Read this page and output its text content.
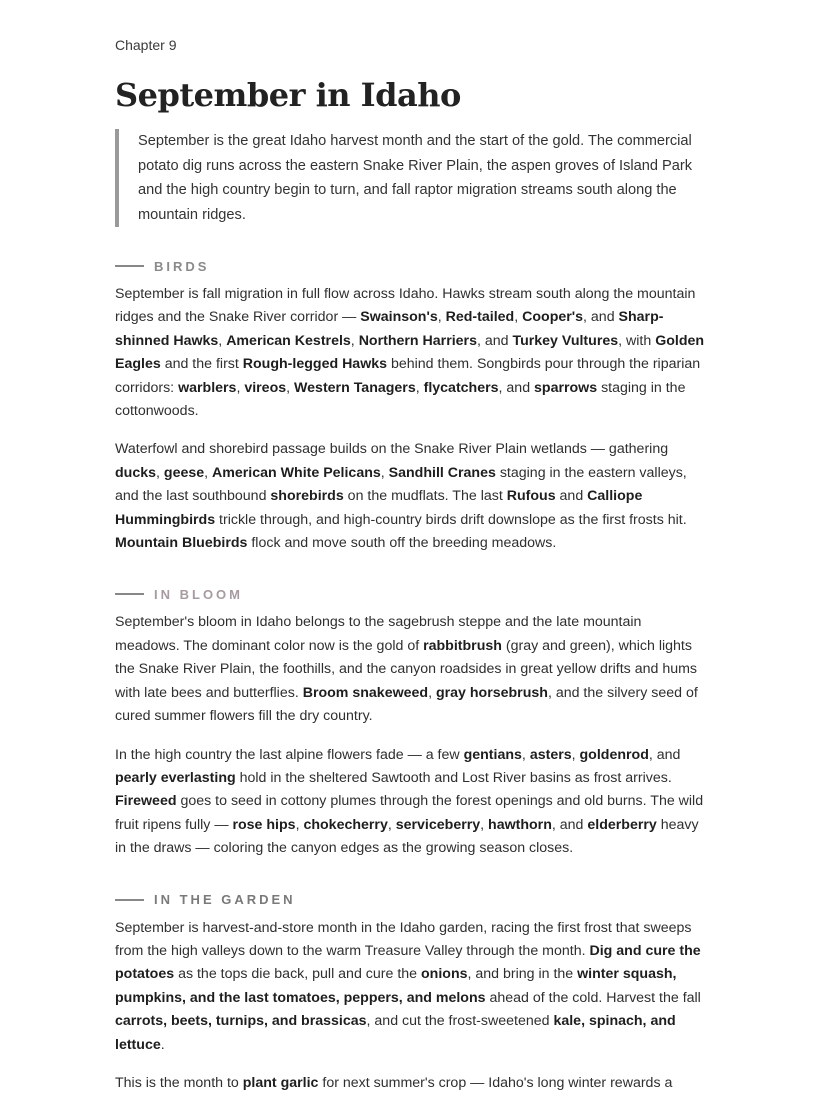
Chapter 9

September in Idaho
September is the great Idaho harvest month and the start of the gold. The commercial potato dig runs across the eastern Snake River Plain, the aspen groves of Island Park and the high country begin to turn, and fall raptor migration streams south along the mountain ridges.
BIRDS

September is fall migration in full flow across Idaho. Hawks stream south along the mountain ridges and the Snake River corridor — Swainson's, Red-tailed, Cooper's, and Sharp-shinned Hawks, American Kestrels, Northern Harriers, and Turkey Vultures, with Golden Eagles and the first Rough-legged Hawks behind them. Songbirds pour through the riparian corridors: warblers, vireos, Western Tanagers, flycatchers, and sparrows staging in the cottonwoods.

Waterfowl and shorebird passage builds on the Snake River Plain wetlands — gathering ducks, geese, American White Pelicans, Sandhill Cranes staging in the eastern valleys, and the last southbound shorebirds on the mudflats. The last Rufous and Calliope Hummingbirds trickle through, and high-country birds drift downslope as the first frosts hit. Mountain Bluebirds flock and move south off the breeding meadows.

IN BLOOM

September's bloom in Idaho belongs to the sagebrush steppe and the late mountain meadows. The dominant color now is the gold of rabbitbrush (gray and green), which lights the Snake River Plain, the foothills, and the canyon roadsides in great yellow drifts and hums with late bees and butterflies. Broom snakeweed, gray horsebrush, and the silvery seed of cured summer flowers fill the dry country.

In the high country the last alpine flowers fade — a few gentians, asters, goldenrod, and pearly everlasting hold in the sheltered Sawtooth and Lost River basins as frost arrives. Fireweed goes to seed in cottony plumes through the forest openings and old burns. The wild fruit ripens fully — rose hips, chokecherry, serviceberry, hawthorn, and elderberry heavy in the draws — coloring the canyon edges as the growing season closes.

IN THE GARDEN

September is harvest-and-store month in the Idaho garden, racing the first frost that sweeps from the high valleys down to the warm Treasure Valley through the month. Dig and cure the potatoes as the tops die back, pull and cure the onions, and bring in the winter squash, pumpkins, and the last tomatoes, peppers, and melons ahead of the cold. Harvest the fall carrots, beets, turnips, and brassicas, and cut the frost-sweetened kale, spinach, and lettuce.

This is the month to plant garlic for next summer's crop — Idaho's long winter rewards a
